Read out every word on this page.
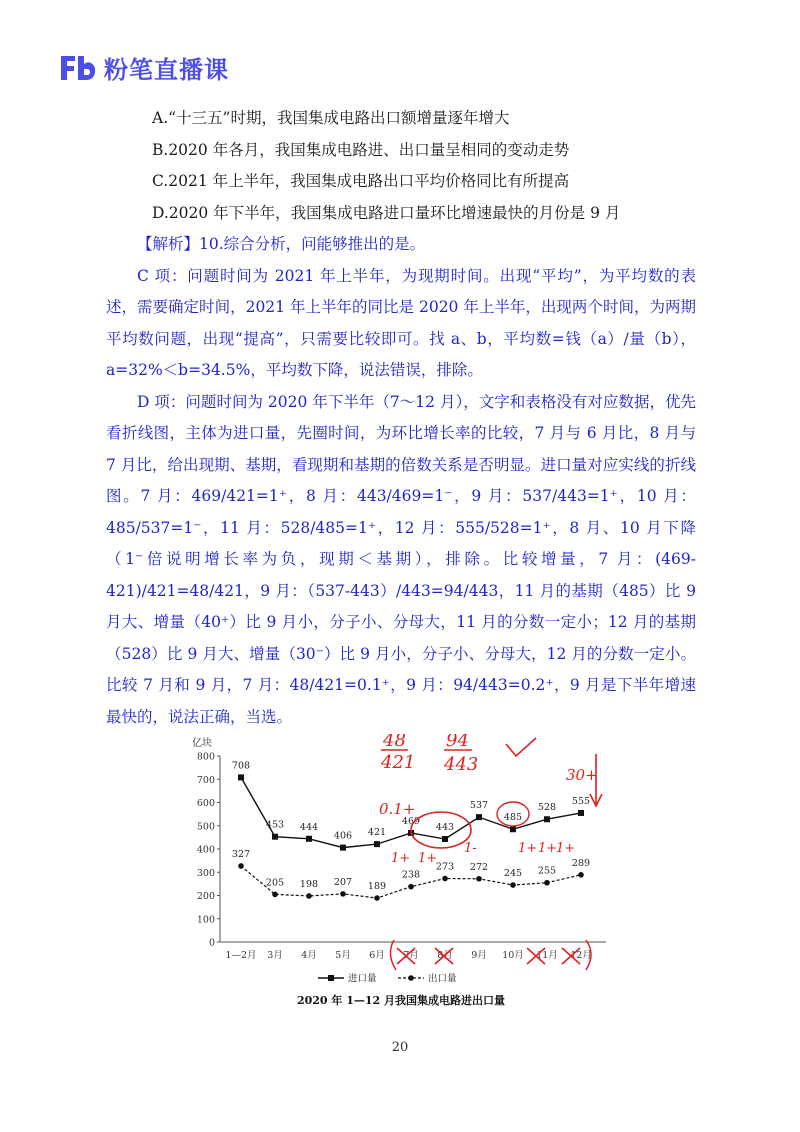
粉笔直播课
A.“十三五”时期，我国集成电路出口额增量逐年增大
B.2020 年各月，我国集成电路进、出口量呈相同的变动走势
C.2021 年上半年，我国集成电路出口平均价格同比有所提高
D.2020 年下半年，我国集成电路进口量环比增速最快的月份是 9 月

【解析】10.综合分析，问能够推出的是。

C 项：问题时间为 2021 年上半年，为现期时间。出现“平均”，为平均数的表述，需要确定时间，2021 年上半年的同比是 2020 年上半年，出现两个时间，为两期平均数问题，出现“提高”，只需要比较即可。找 a、b，平均数=钱（a）/量（b），a=32%＜b=34.5%，平均数下降，说法错误，排除。

D 项：问题时间为 2020 年下半年（7～12 月），文字和表格没有对应数据，优先看折线图，主体为进口量，先圈时间，为环比增长率的比较，7 月与 6 月比，8 月与 7 月比，给出现期、基期，看现期和基期的倍数关系是否明显。进口量对应实线的折线图。7 月：469/421=1⁺，8 月：443/469=1⁻，9 月：537/443=1⁺，10 月：485/537=1⁻，11 月：528/485=1⁺，12 月：555/528=1⁺，8 月、10 月下降（1⁻倍说明增长率为负，现期＜基期），排除。比较增量，7 月：(469-421)/421=48/421，9 月：（537-443）/443=94/443，11 月的基期（485）比 9 月大、增量（40⁺）比 9 月小，分子小、分母大，11 月的分数一定小；12 月的基期（528）比 9 月大、增量（30⁻）比 9 月小，分子小、分母大，12 月的分数一定小。比较 7 月和 9 月，7 月：48/421=0.1⁺，9 月：94/443=0.2⁺，9 月是下半年增速最快的，说法正确，当选。

亿块
0
100
200
300
400
500
600
700
800
1—2月 3月 4月 5月 6月 7月 8月 9月 10月 11月 12月
708
453 444
406 421
469
443
537
485
528
555
327
205 198 207 189
238
273 272
245 255
289
进口量	出口量
2020 年 1—12 月我国集成电路进出口量
48
421
94
443
0.1+
1+ 1+
1-
30+
1+ 1+
1+
20
